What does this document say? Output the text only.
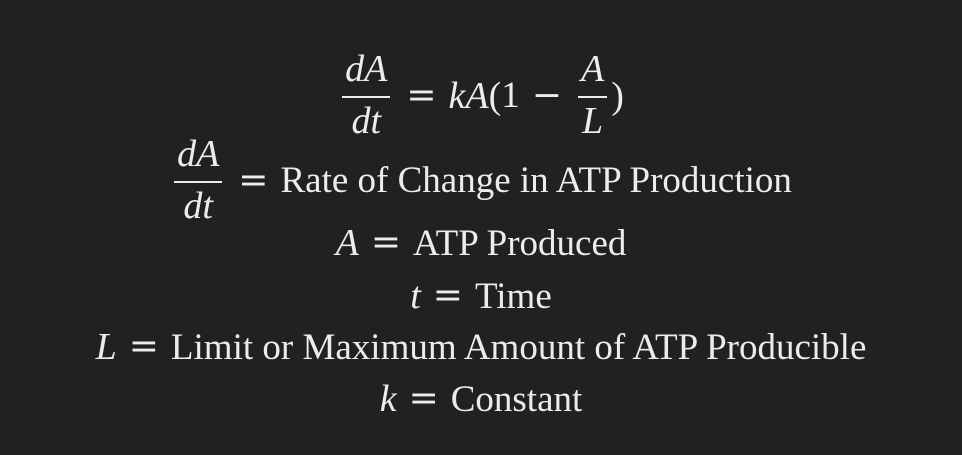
$\frac{dA}{dt} = k$ A ( $1 - \frac{A}{L}$ )
$\frac{dA}{dt}$ = Rate of Change in ATP Production
A = ATP Produced
t = Time
L = Limit or Maximum Amount of ATP Producible
k = Constant
